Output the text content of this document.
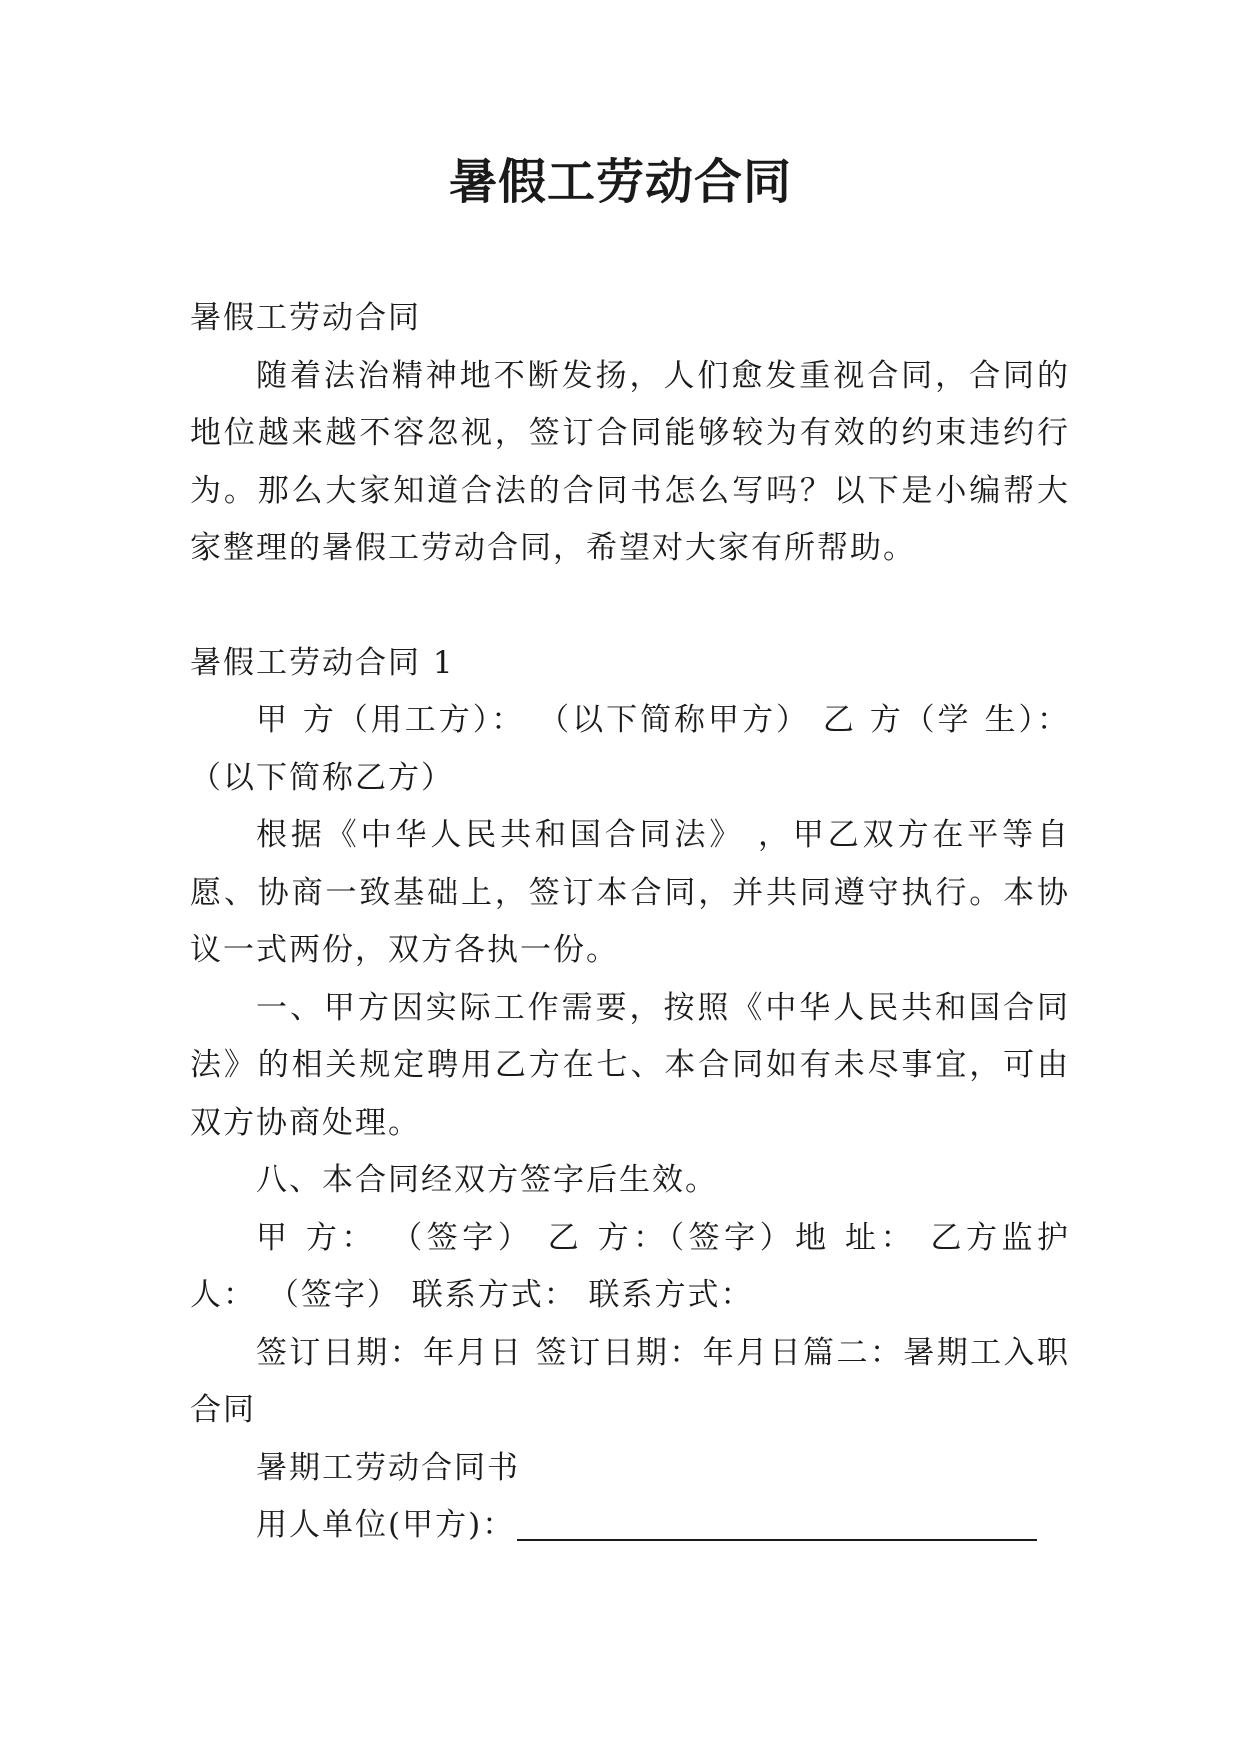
暑假工劳动合同

暑假工劳动合同

随着法治精神地不断发扬，人们愈发重视合同，合同的地位越来越不容忽视，签订合同能够较为有效的约束违约行为。那么大家知道合法的合同书怎么写吗？以下是小编帮大家整理的暑假工劳动合同，希望对大家有所帮助。

暑假工劳动合同 1

甲 方（用工方）： （以下简称甲方） 乙 方（学 生）：（以下简称乙方）

根据《中华人民共和国合同法》 ，甲乙双方在平等自愿、协商一致基础上，签订本合同，并共同遵守执行。本协议一式两份，双方各执一份。

一、甲方因实际工作需要，按照《中华人民共和国合同法》的相关规定聘用乙方在七、本合同如有未尽事宜，可由双方协商处理。

八、本合同经双方签字后生效。

甲 方： （签字） 乙 方：（签字）地 址： 乙方监护人： （签字） 联系方式： 联系方式：

签订日期：年月日 签订日期：年月日篇二：暑期工入职合同

暑期工劳动合同书

用人单位(甲方)：
